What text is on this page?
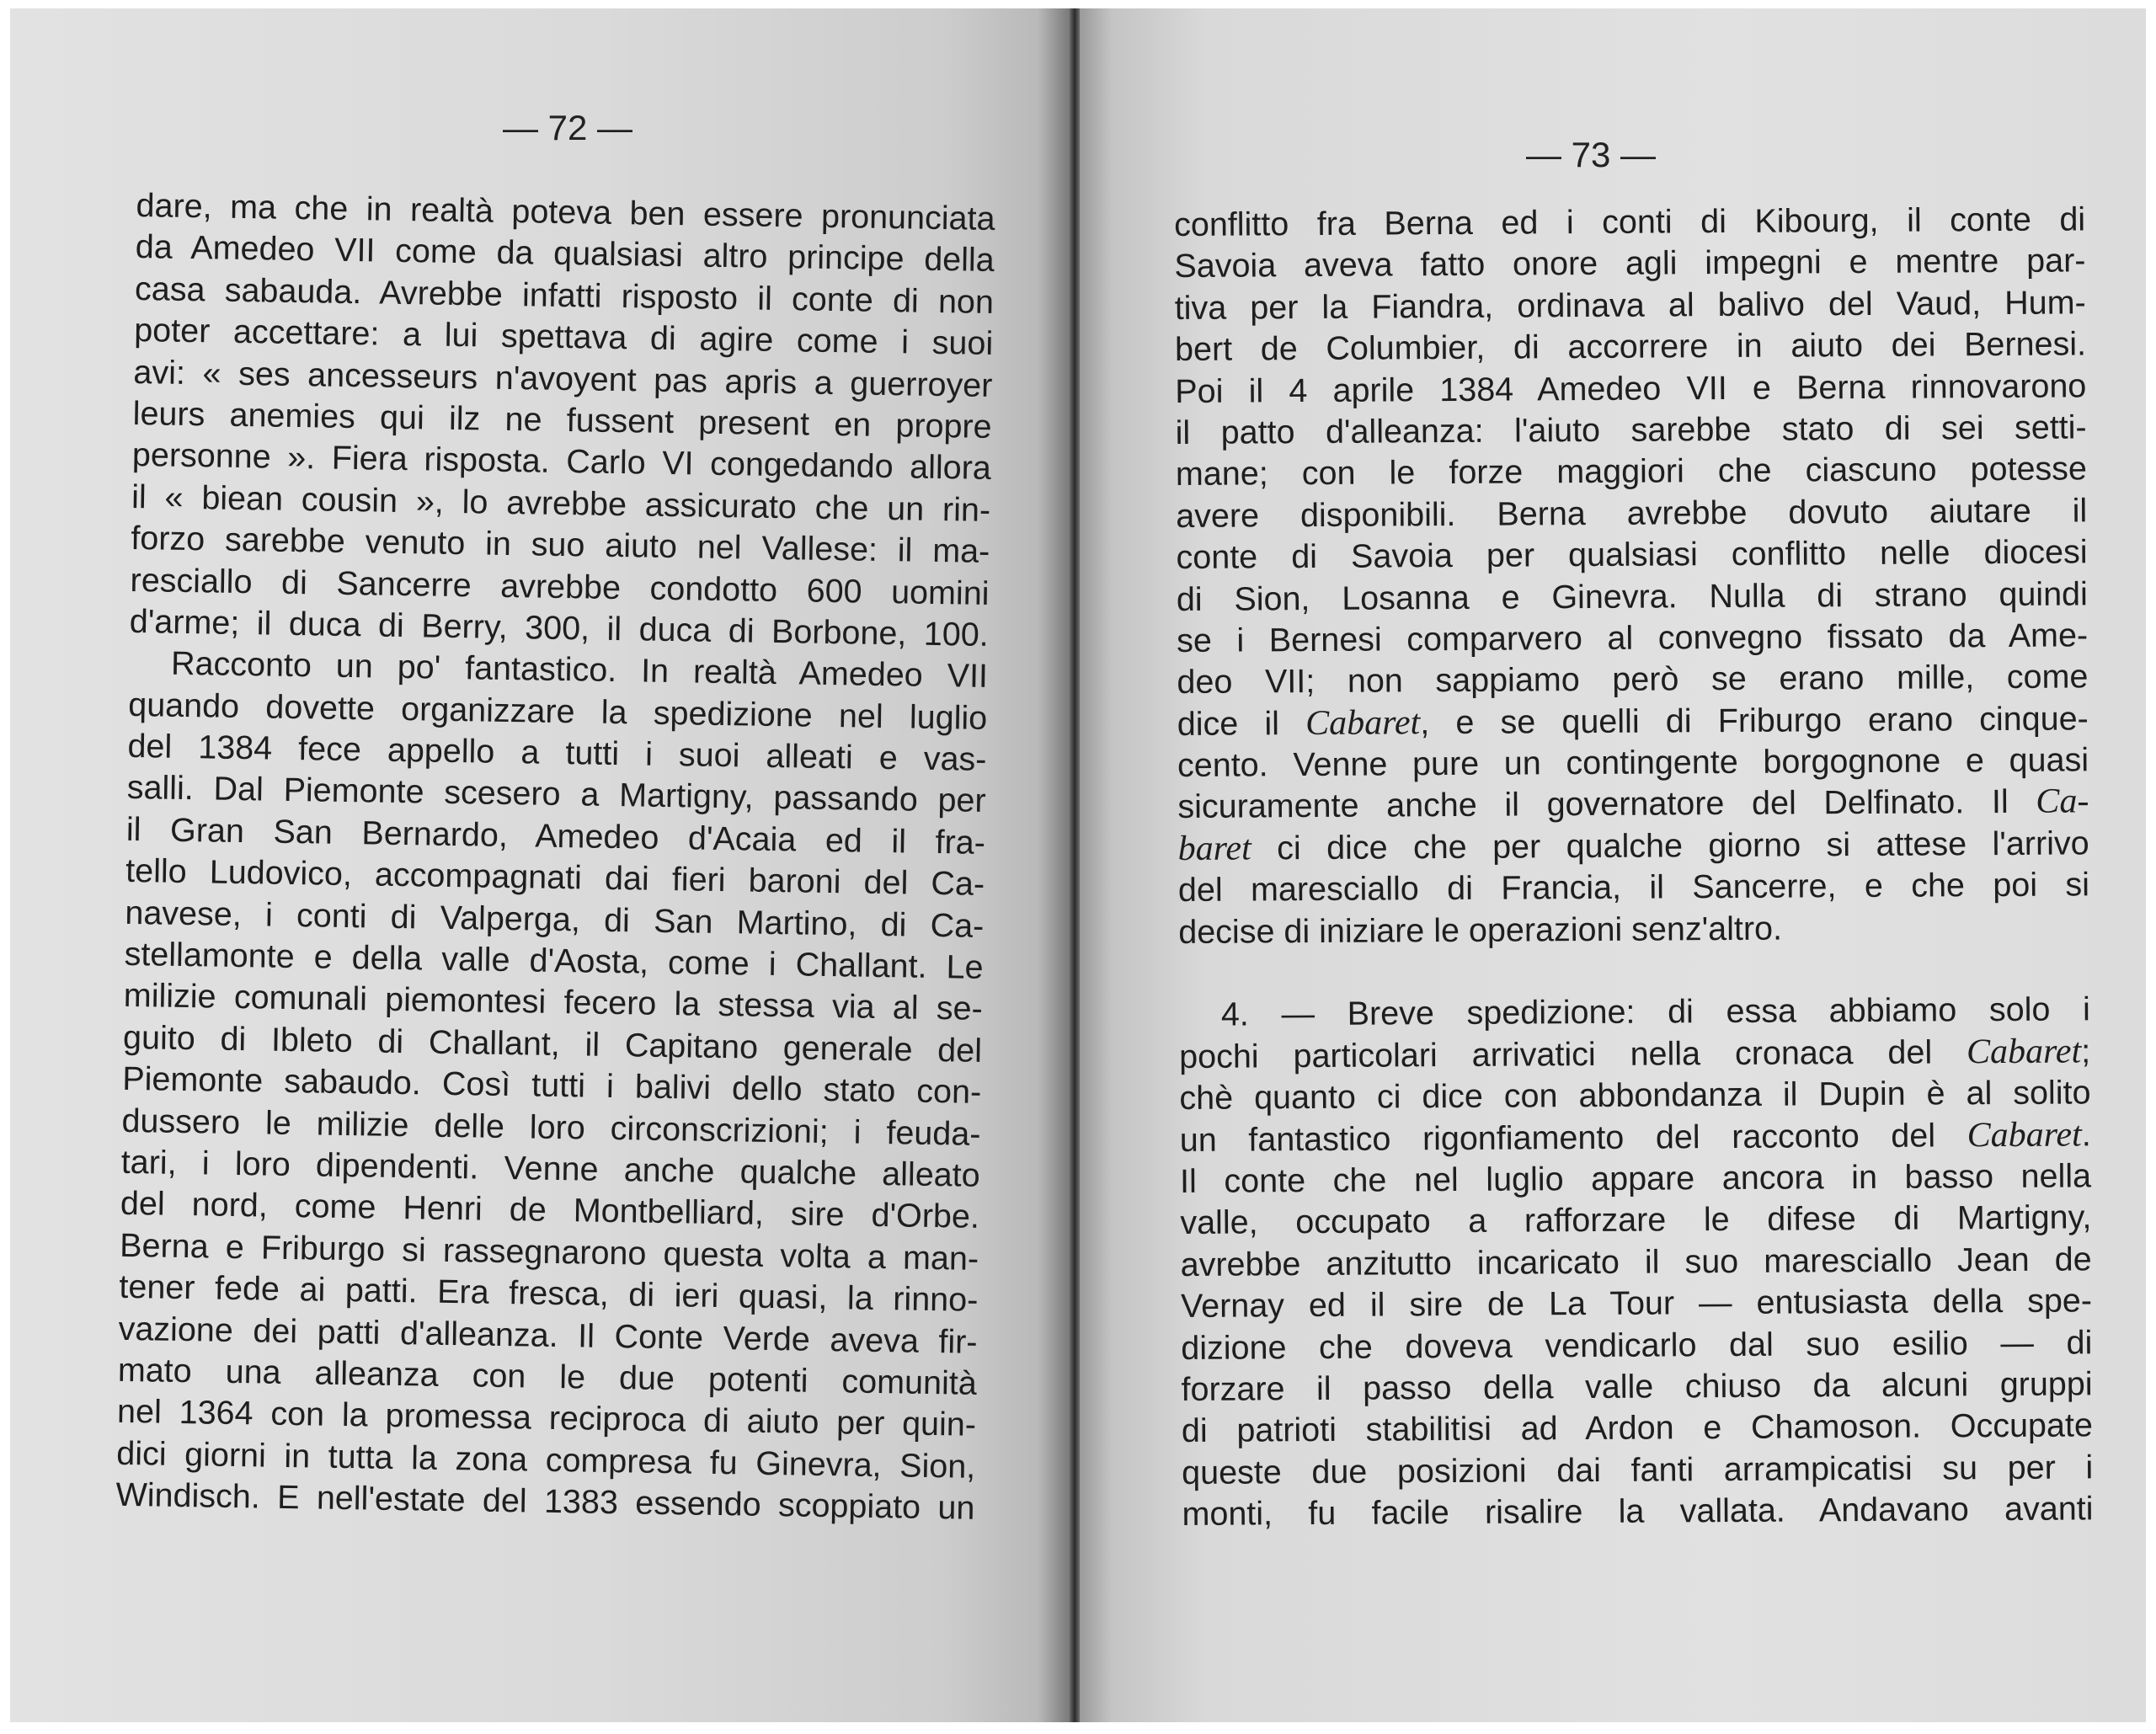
— 72 —
dare, ma che in realtà poteva ben essere pronunciata
da Amedeo VII come da qualsiasi altro principe della
casa sabauda. Avrebbe infatti risposto il conte di non
poter accettare: a lui spettava di agire come i suoi
avi: « ses ancesseurs n'avoyent pas apris a guerroyer
leurs anemies qui ilz ne fussent present en propre
personne ». Fiera risposta. Carlo VI congedando allora
il « biean cousin », lo avrebbe assicurato che un rin-
forzo sarebbe venuto in suo aiuto nel Vallese: il ma-
resciallo di Sancerre avrebbe condotto 600 uomini
d'arme; il duca di Berry, 300, il duca di Borbone, 100.
Racconto un po' fantastico. In realtà Amedeo VII
quando dovette organizzare la spedizione nel luglio
del 1384 fece appello a tutti i suoi alleati e vas-
salli. Dal Piemonte scesero a Martigny, passando per
il Gran San Bernardo, Amedeo d'Acaia ed il fra-
tello Ludovico, accompagnati dai fieri baroni del Ca-
navese, i conti di Valperga, di San Martino, di Ca-
stellamonte e della valle d'Aosta, come i Challant. Le
milizie comunali piemontesi fecero la stessa via al se-
guito di Ibleto di Challant, il Capitano generale del
Piemonte sabaudo. Così tutti i balivi dello stato con-
dussero le milizie delle loro circonscrizioni; i feuda-
tari, i loro dipendenti. Venne anche qualche alleato
del nord, come Henri de Montbelliard, sire d'Orbe.
Berna e Friburgo si rassegnarono questa volta a man-
tener fede ai patti. Era fresca, di ieri quasi, la rinno-
vazione dei patti d'alleanza. Il Conte Verde aveva fir-
mato una alleanza con le due potenti comunità
nel 1364 con la promessa reciproca di aiuto per quin-
dici giorni in tutta la zona compresa fu Ginevra, Sion,
Windisch. E nell'estate del 1383 essendo scoppiato un
— 73 —
conflitto fra Berna ed i conti di Kibourg, il conte di
Savoia aveva fatto onore agli impegni e mentre par-
tiva per la Fiandra, ordinava al balivo del Vaud, Hum-
bert de Columbier, di accorrere in aiuto dei Bernesi.
Poi il 4 aprile 1384 Amedeo VII e Berna rinnovarono
il patto d'alleanza: l'aiuto sarebbe stato di sei setti-
mane; con le forze maggiori che ciascuno potesse
avere disponibili. Berna avrebbe dovuto aiutare il
conte di Savoia per qualsiasi conflitto nelle diocesi
di Sion, Losanna e Ginevra. Nulla di strano quindi
se i Bernesi comparvero al convegno fissato da Ame-
deo VII; non sappiamo però se erano mille, come
dice il Cabaret, e se quelli di Friburgo erano cinque-
cento. Venne pure un contingente borgognone e quasi
sicuramente anche il governatore del Delfinato. Il Ca-
baret ci dice che per qualche giorno si attese l'arrivo
del maresciallo di Francia, il Sancerre, e che poi si
decise di iniziare le operazioni senz'altro.
4. — Breve spedizione: di essa abbiamo solo i
pochi particolari arrivatici nella cronaca del Cabaret;
chè quanto ci dice con abbondanza il Dupin è al solito
un fantastico rigonfiamento del racconto del Cabaret.
Il conte che nel luglio appare ancora in basso nella
valle, occupato a rafforzare le difese di Martigny,
avrebbe anzitutto incaricato il suo maresciallo Jean de
Vernay ed il sire de La Tour — entusiasta della spe-
dizione che doveva vendicarlo dal suo esilio — di
forzare il passo della valle chiuso da alcuni gruppi
di patrioti stabilitisi ad Ardon e Chamoson. Occupate
queste due posizioni dai fanti arrampicatisi su per i
monti, fu facile risalire la vallata. Andavano avanti
